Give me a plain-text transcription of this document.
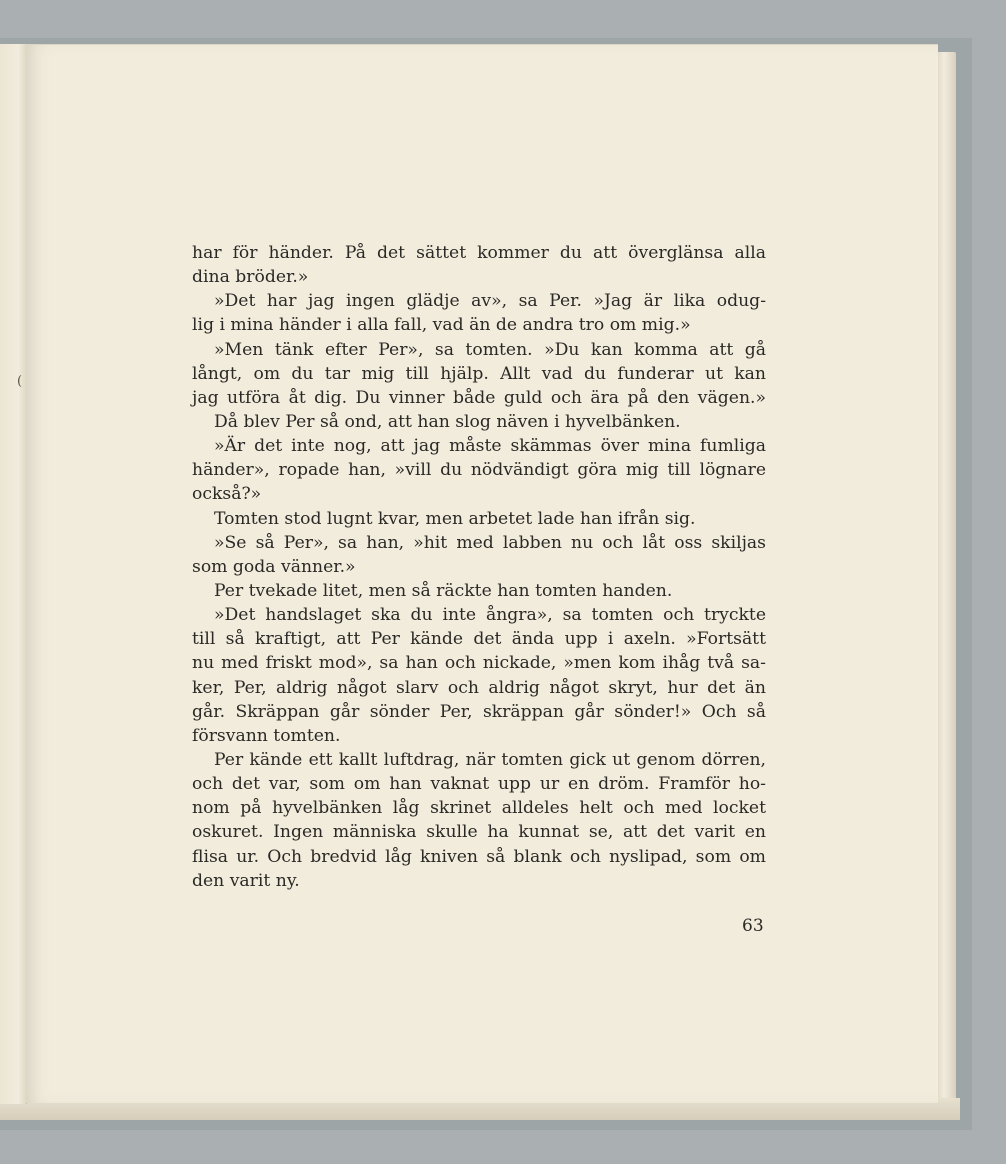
(
har för händer. På det sättet kommer du att överglänsa alla
dina bröder.»
»Det har jag ingen glädje av», sa Per. »Jag är lika odug-
lig i mina händer i alla fall, vad än de andra tro om mig.»
»Men tänk efter Per», sa tomten. »Du kan komma att gå
långt, om du tar mig till hjälp. Allt vad du funderar ut kan
jag utföra åt dig. Du vinner både guld och ära på den vägen.»
Då blev Per så ond, att han slog näven i hyvelbänken.
»Är det inte nog, att jag måste skämmas över mina fumliga
händer», ropade han, »vill du nödvändigt göra mig till lögnare
också?»
Tomten stod lugnt kvar, men arbetet lade han ifrån sig.
»Se så Per», sa han, »hit med labben nu och låt oss skiljas
som goda vänner.»
Per tvekade litet, men så räckte han tomten handen.
»Det handslaget ska du inte ångra», sa tomten och tryckte
till så kraftigt, att Per kände det ända upp i axeln. »Fortsätt
nu med friskt mod», sa han och nickade, »men kom ihåg två sa-
ker, Per, aldrig något slarv och aldrig något skryt, hur det än
går. Skräppan går sönder Per, skräppan går sönder!» Och så
försvann tomten.
Per kände ett kallt luftdrag, när tomten gick ut genom dörren,
och det var, som om han vaknat upp ur en dröm. Framför ho-
nom på hyvelbänken låg skrinet alldeles helt och med locket
oskuret. Ingen människa skulle ha kunnat se, att det varit en
flisa ur. Och bredvid låg kniven så blank och nyslipad, som om
den varit ny.
63
